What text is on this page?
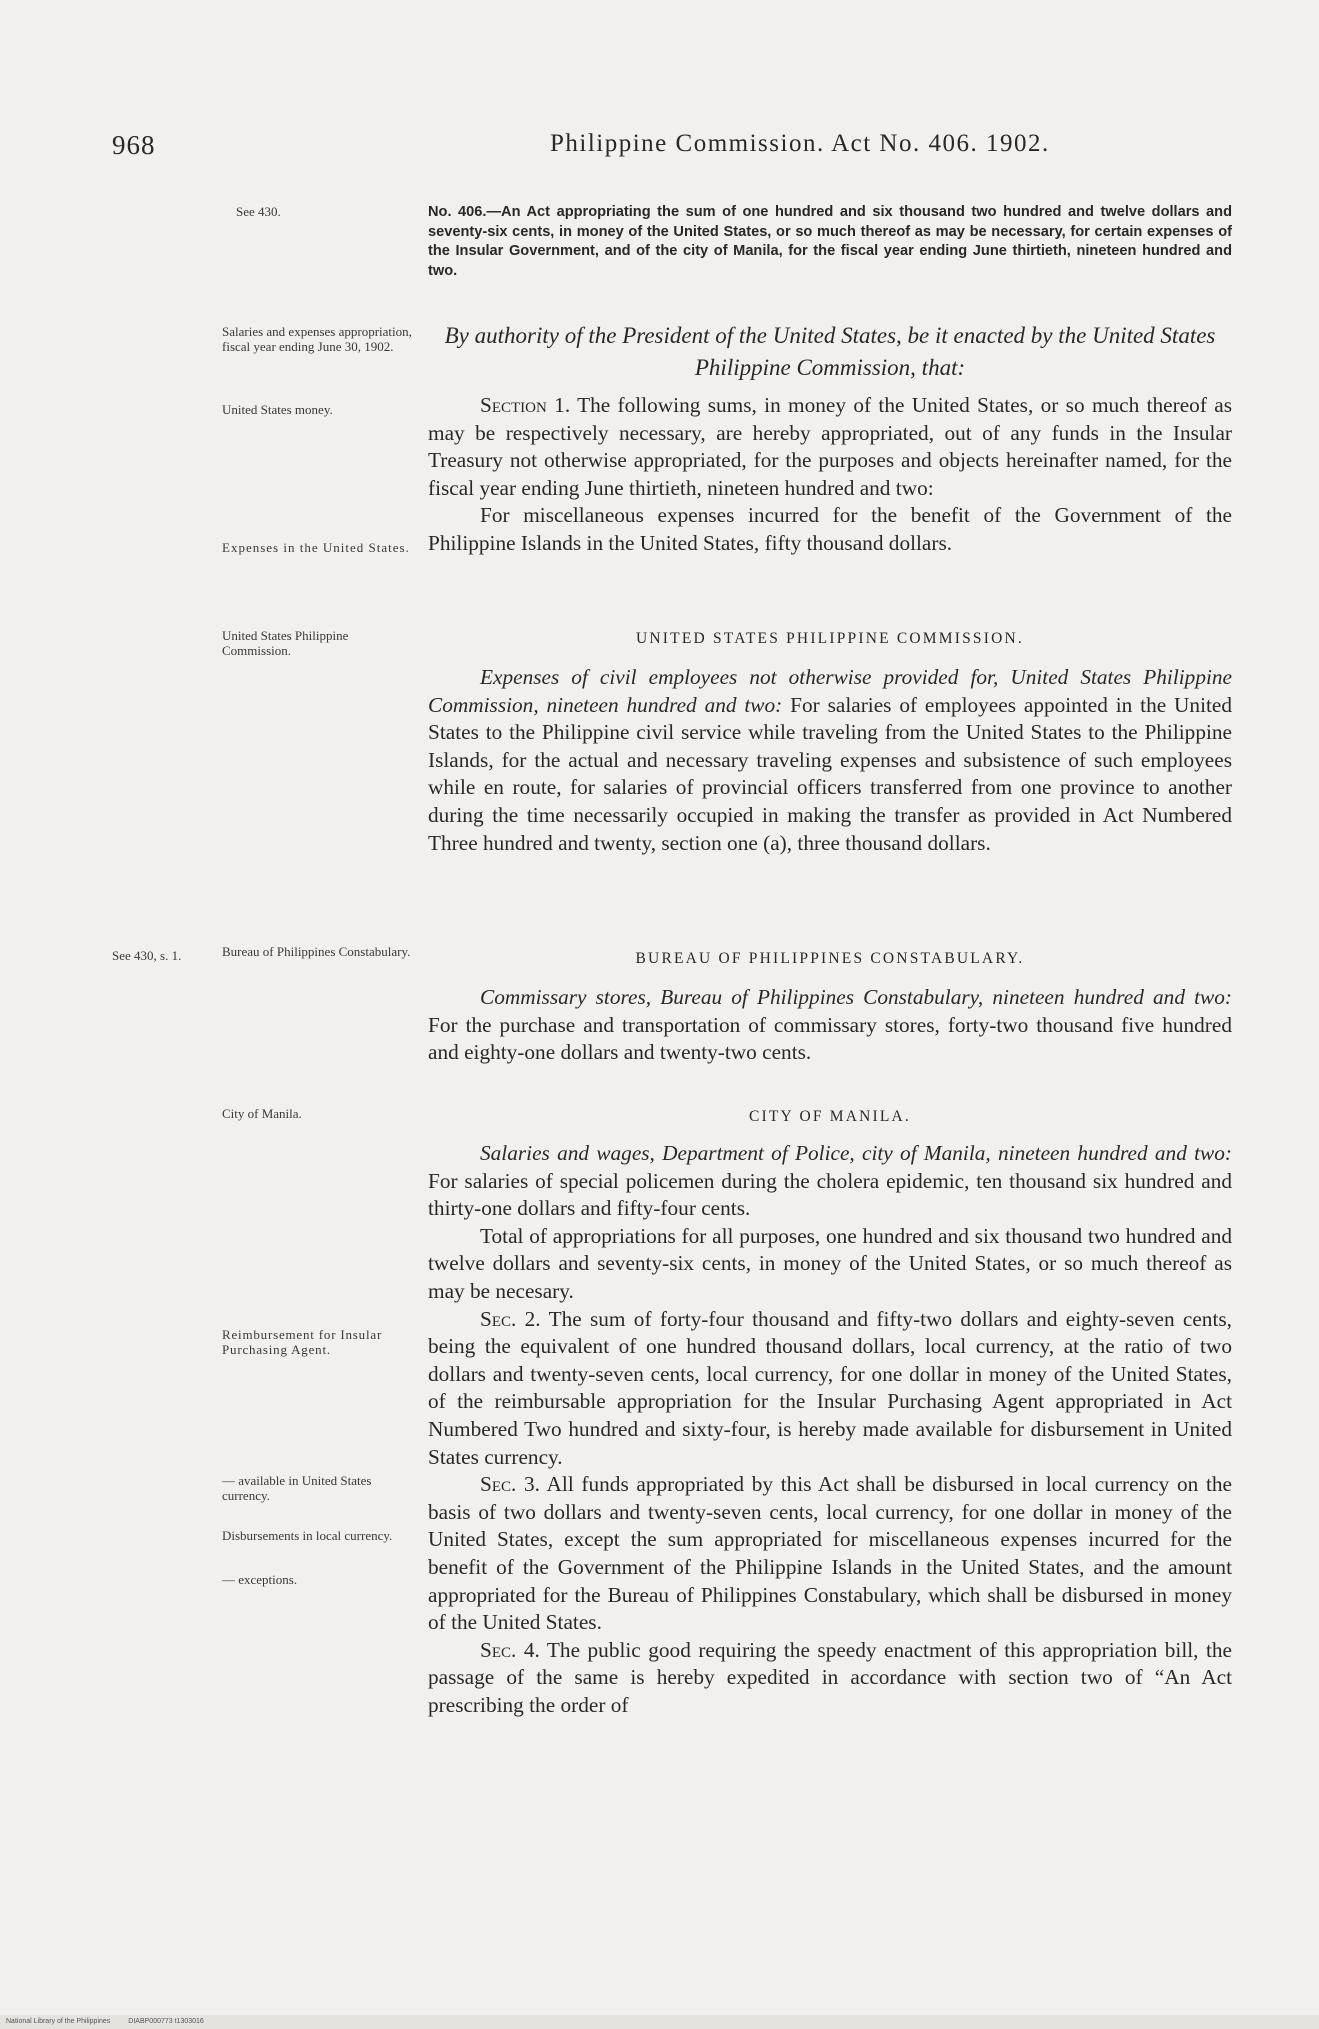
968	Philippine Commission. Act No. 406. 1902.
See 430.
Salaries and expenses appropriation, fiscal year ending June 30, 1902.
United States money.
Expenses in the United States.
United States Philippine Commission.
See 430, s. 1.	Bureau of Philippines Constabulary.
City of Manila.
Reimbursement for Insular Purchasing Agent.
— available in United States currency.
Disbursements in local currency.
— exceptions.
No. 406.—An Act appropriating the sum of one hundred and six thousand two hundred and twelve dollars and seventy-six cents, in money of the United States, or so much thereof as may be necessary, for certain expenses of the Insular Government, and of the city of Manila, for the fiscal year ending June thirtieth, nineteen hundred and two.
By authority of the President of the United States, be it enacted by the United States Philippine Commission, that:

Section 1. The following sums, in money of the United States, or so much thereof as may be respectively necessary, are hereby appropriated, out of any funds in the Insular Treasury not otherwise appropriated, for the purposes and objects hereinafter named, for the fiscal year ending June thirtieth, nineteen hundred and two:

For miscellaneous expenses incurred for the benefit of the Government of the Philippine Islands in the United States, fifty thousand dollars.

UNITED STATES PHILIPPINE COMMISSION.

Expenses of civil employees not otherwise provided for, United States Philippine Commission, nineteen hundred and two: For salaries of employees appointed in the United States to the Philippine civil service while traveling from the United States to the Philippine Islands, for the actual and necessary traveling expenses and subsistence of such employees while en route, for salaries of provincial officers transferred from one province to another during the time necessarily occupied in making the transfer as provided in Act Numbered Three hundred and twenty, section one (a), three thousand dollars.

BUREAU OF PHILIPPINES CONSTABULARY.

Commissary stores, Bureau of Philippines Constabulary, nineteen hundred and two: For the purchase and transportation of commissary stores, forty-two thousand five hundred and eighty-one dollars and twenty-two cents.

CITY OF MANILA.

Salaries and wages, Department of Police, city of Manila, nineteen hundred and two: For salaries of special policemen during the cholera epidemic, ten thousand six hundred and thirty-one dollars and fifty-four cents.

Total of appropriations for all purposes, one hundred and six thousand two hundred and twelve dollars and seventy-six cents, in money of the United States, or so much thereof as may be necesary.

Sec. 2. The sum of forty-four thousand and fifty-two dollars and eighty-seven cents, being the equivalent of one hundred thousand dollars, local currency, at the ratio of two dollars and twenty-seven cents, local currency, for one dollar in money of the United States, of the reimbursable appropriation for the Insular Purchasing Agent appropriated in Act Numbered Two hundred and sixty-four, is hereby made available for disbursement in United States currency.

Sec. 3. All funds appropriated by this Act shall be disbursed in local currency on the basis of two dollars and twenty-seven cents, local currency, for one dollar in money of the United States, except the sum appropriated for miscellaneous expenses incurred for the benefit of the Government of the Philippine Islands in the United States, and the amount appropriated for the Bureau of Philippines Constabulary, which shall be disbursed in money of the United States.

Sec. 4. The public good requiring the speedy enactment of this appropriation bill, the passage of the same is hereby expedited in accordance with section two of “An Act prescribing the order of

National Library of the Philippines	DIABP000773 t1303016
